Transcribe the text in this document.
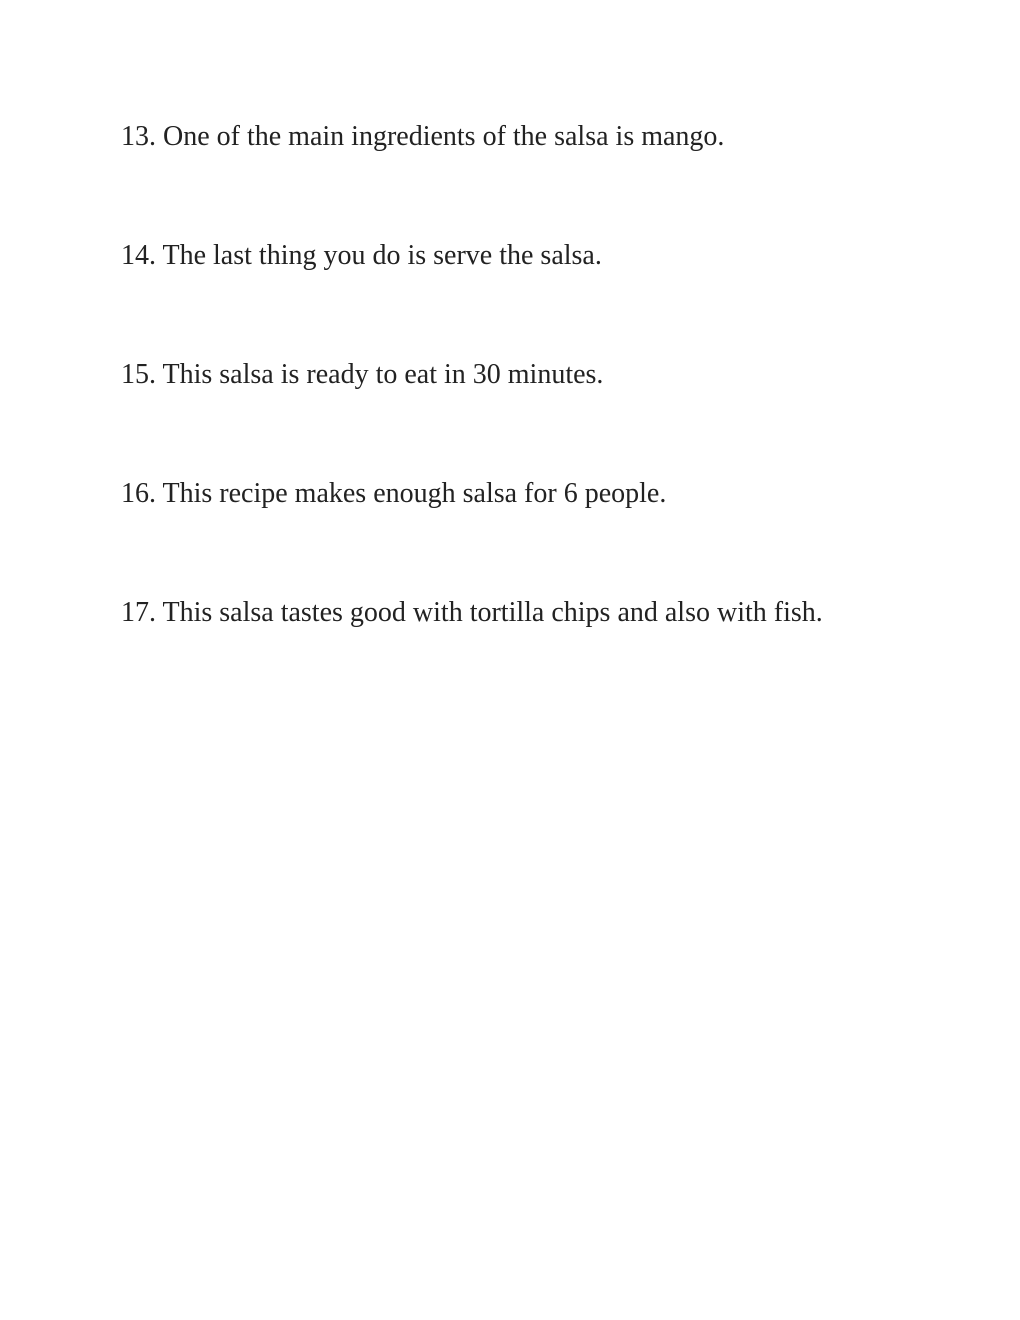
13. One of the main ingredients of the salsa is mango.
14. The last thing you do is serve the salsa.
15. This salsa is ready to eat in 30 minutes.
16. This recipe makes enough salsa for 6 people.
17. This salsa tastes good with tortilla chips and also with fish.
